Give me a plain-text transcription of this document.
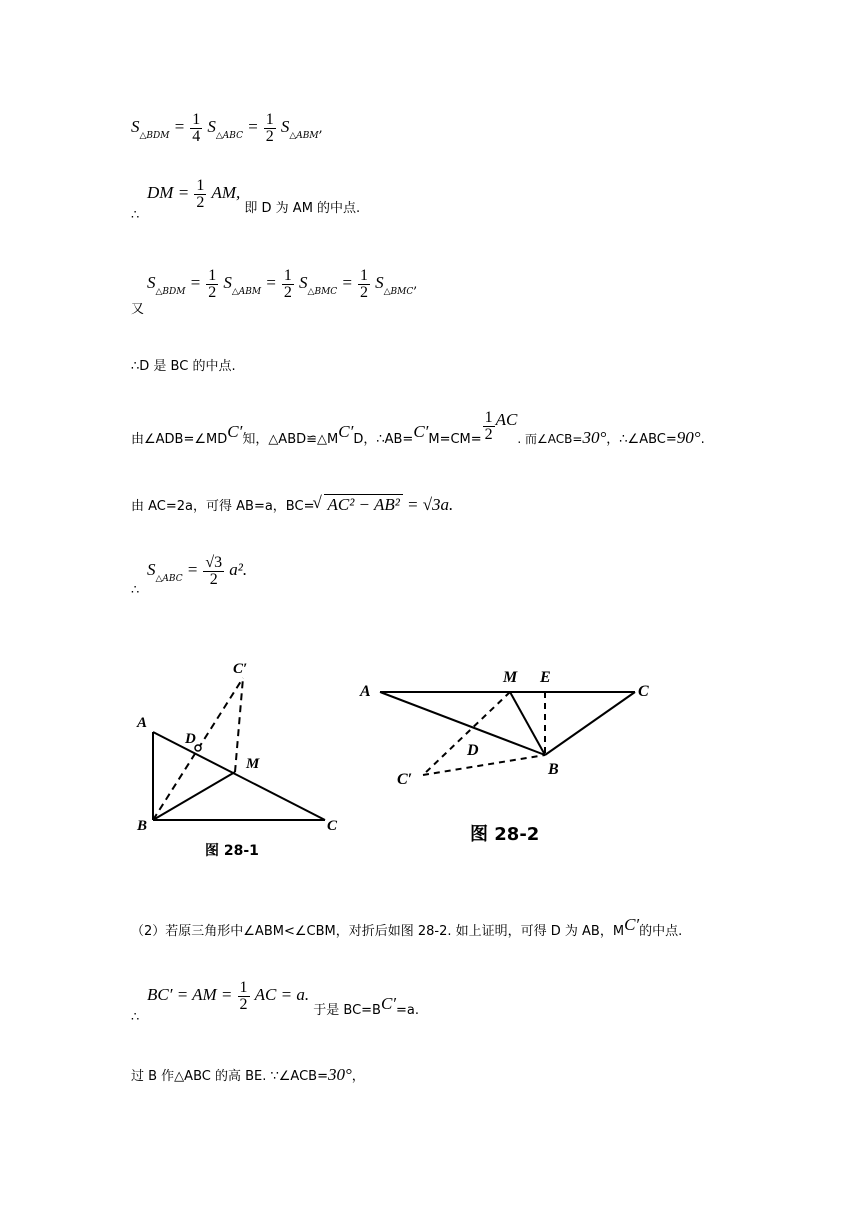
$S_{\triangle BDM} = \frac{1}{4} S_{\triangle ABC} = \frac{1}{2} S_{\triangle ABM}$,
∴
DM = $\frac{1}{2}$ AM, 即 D 为 AM 的中点.
又
$S_{\triangle BDM} = \frac{1}{2} S_{\triangle ABM} = \frac{1}{2} S_{\triangle BMC} = \frac{1}{2} S_{\triangle BMC}$,
∴D 是 BC 的中点.
由∠ADB=∠MDC′知，△ABD≌△MC′D，∴AB=C′M=CM= $\frac{1}{2}$ AC. 而∠ACB=30°，∴∠ABC=90°.
由 AC=2a，可得 AB=a，BC=
√ AC² − AB² = √3a.
∴
$S_{\triangle ABC} = \frac{√3}{2} a^2$.
A
B	C
D
M
C′
图 28-1
A	C
M E
D
B
C′
图 28-2
（2）若原三角形中∠ABM<∠CBM，对折后如图 28-2. 如上证明，可得 D 为 AB，MC′的中点.
∴
BC′ = AM = $\frac{1}{2}$ AC = a. 于是 BC=BC′=a.
过 B 作△ABC 的高 BE. ∵∠ACB=30°，
